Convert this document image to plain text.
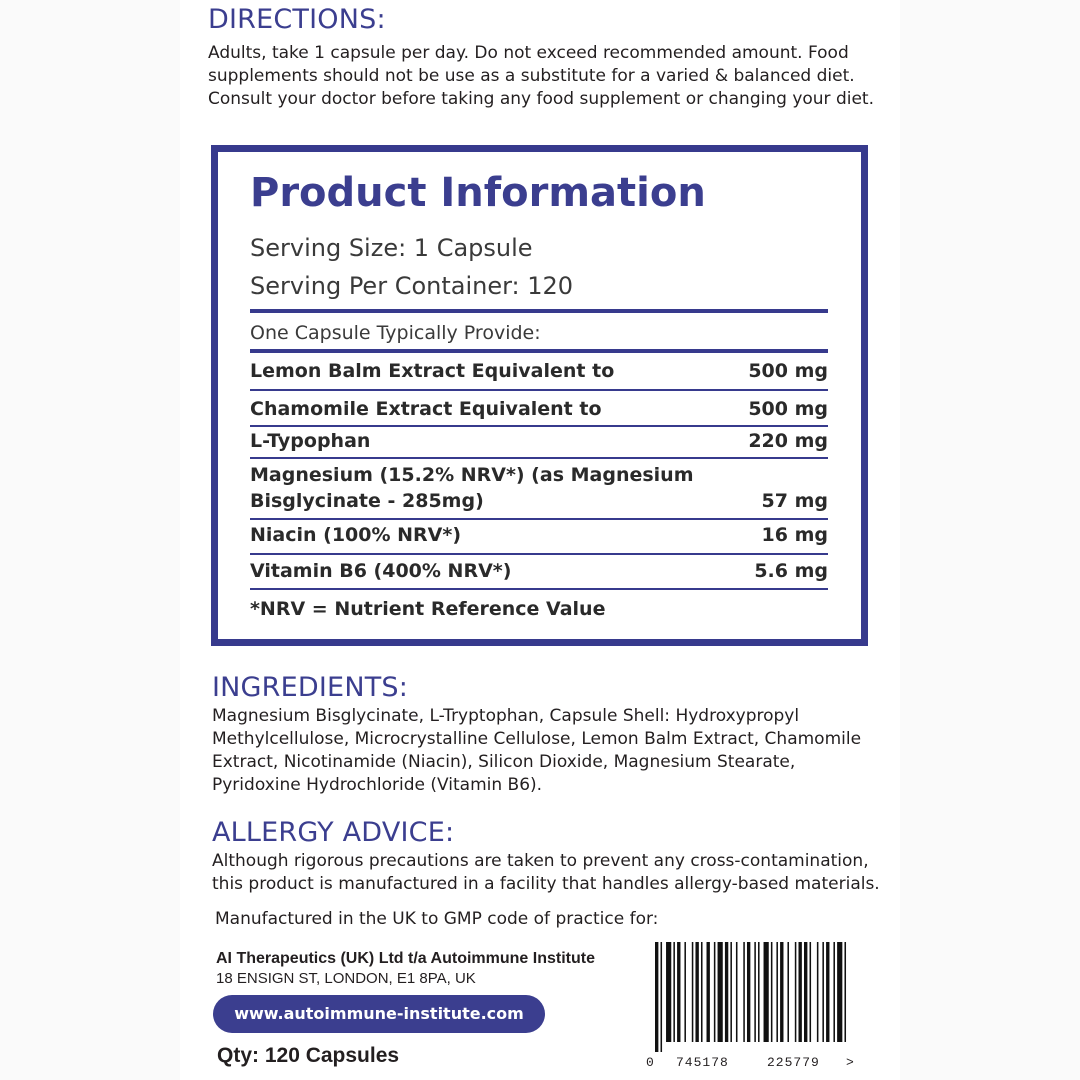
DIRECTIONS:

Adults, take 1 capsule per day. Do not exceed recommended amount. Food
supplements should not be use as a substitute for a varied & balanced diet.
Consult your doctor before taking any food supplement or changing your diet.

Product Information
Serving Size: 1 Capsule
Serving Per Container: 120
One Capsule Typically Provide:
Lemon Balm Extract Equivalent to	500 mg
Chamomile Extract Equivalent to	500 mg
L-Typophan	220 mg
Magnesium (15.2% NRV*) (as Magnesium
Bisglycinate - 285mg)	57 mg
Niacin (100% NRV*)	16 mg
Vitamin B6 (400% NRV*)	5.6 mg
*NRV = Nutrient Reference Value
INGREDIENTS:

Magnesium Bisglycinate, L-Tryptophan, Capsule Shell: Hydroxypropyl
Methylcellulose, Microcrystalline Cellulose, Lemon Balm Extract, Chamomile
Extract, Nicotinamide (Niacin), Silicon Dioxide, Magnesium Stearate,
Pyridoxine Hydrochloride (Vitamin B6).

ALLERGY ADVICE:

Although rigorous precautions are taken to prevent any cross-contamination,
this product is manufactured in a facility that handles allergy-based materials.

Manufactured in the UK to GMP code of practice for:

AI Therapeutics (UK) Ltd t/a Autoimmune Institute
18 ENSIGN ST, LONDON, E1 8PA, UK
www.autoimmune-institute.com
Qty: 120 Capsules	0 745178	225779 >
